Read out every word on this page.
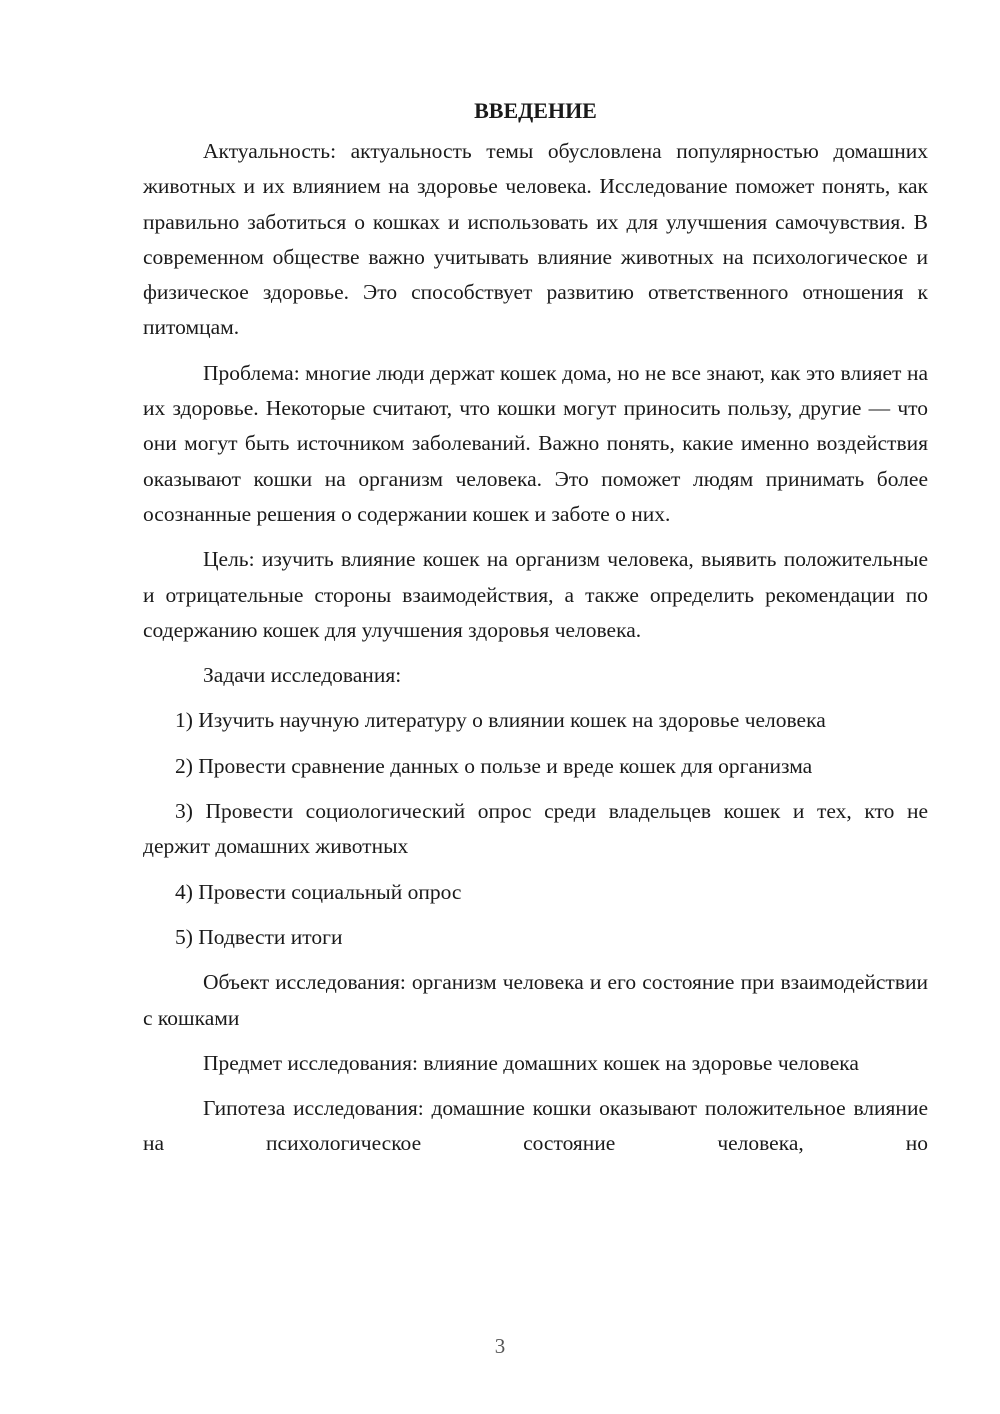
ВВЕДЕНИЕ

Актуальность: актуальность темы обусловлена популярностью домашних животных и их влиянием на здоровье человека. Исследование поможет понять, как правильно заботиться о кошках и использовать их для улучшения самочувствия. В современном обществе важно учитывать влияние животных на психологическое и физическое здоровье. Это способствует развитию ответственного отношения к питомцам.

Проблема: многие люди держат кошек дома, но не все знают, как это влияет на их здоровье. Некоторые считают, что кошки могут приносить пользу, другие — что они могут быть источником заболеваний. Важно понять, какие именно воздействия оказывают кошки на организм человека. Это поможет людям принимать более осознанные решения о содержании кошек и заботе о них.

Цель: изучить влияние кошек на организм человека, выявить положительные и отрицательные стороны взаимодействия, а также определить рекомендации по содержанию кошек для улучшения здоровья человека.

Задачи исследования:

1) Изучить научную литературу о влиянии кошек на здоровье человека

2) Провести сравнение данных о пользе и вреде кошек для организма

3) Провести социологический опрос среди владельцев кошек и тех, кто не держит домашних животных

4) Провести социальный опрос

5) Подвести итоги

Объект исследования: организм человека и его состояние при взаимодействии с кошками

Предмет исследования: влияние домашних кошек на здоровье человека

Гипотеза исследования: домашние кошки оказывают положительное влияние на психологическое состояние человека, но

3
